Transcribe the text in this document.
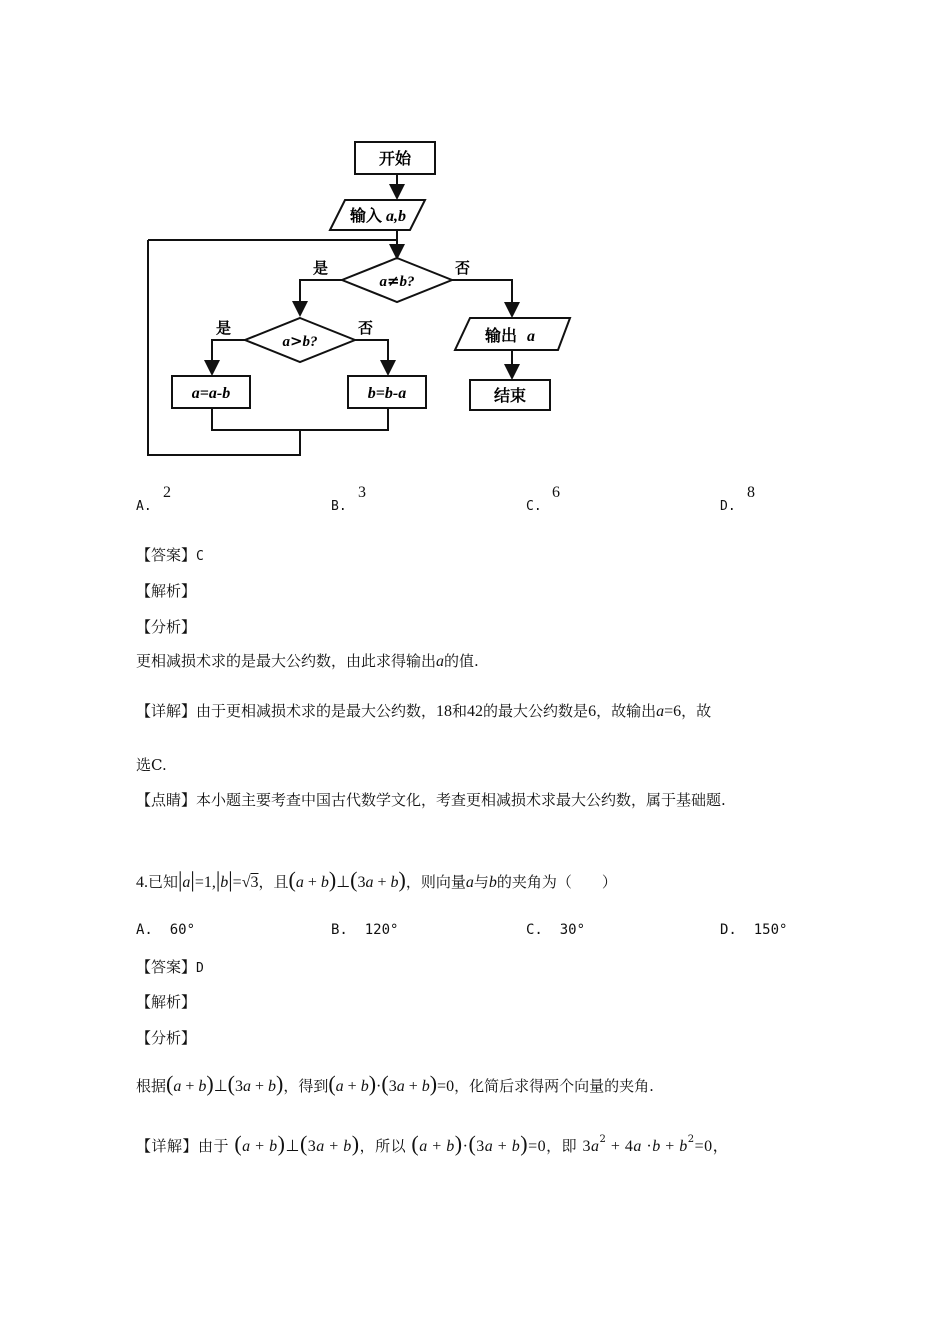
开始
输入 a,b
a≠b?
是	否
a>b?
是	否	输出 a
结束
a=a-b	b=b-a
A.
2
B.
3
C.
6
D.
8
【答案】C
【解析】
【分析】
更相减损术求的是最大公约数，由此求得输出a的值.
【详解】由于更相减损术求的是最大公约数，18和42的最大公约数是6，故输出a=6，故
选C.
【点睛】本小题主要考查中国古代数学文化，考查更相减损术求最大公约数，属于基础题.
4.已知|a|=1,|b|=√3，且(a + b)⊥(3a + b)，则向量a与b的夹角为（　　）
A. 60°	B. 120°	C. 30°	D. 150°
【答案】D
【解析】
【分析】
根据(a + b)⊥(3a + b)，得到(a + b)·(3a + b)=0，化简后求得两个向量的夹角.
【详解】由于 (a + b)⊥(3a + b)，所以 (a + b)·(3a + b)=0，即 $3a^2 + 4a \cdot b + b^2=0$，
